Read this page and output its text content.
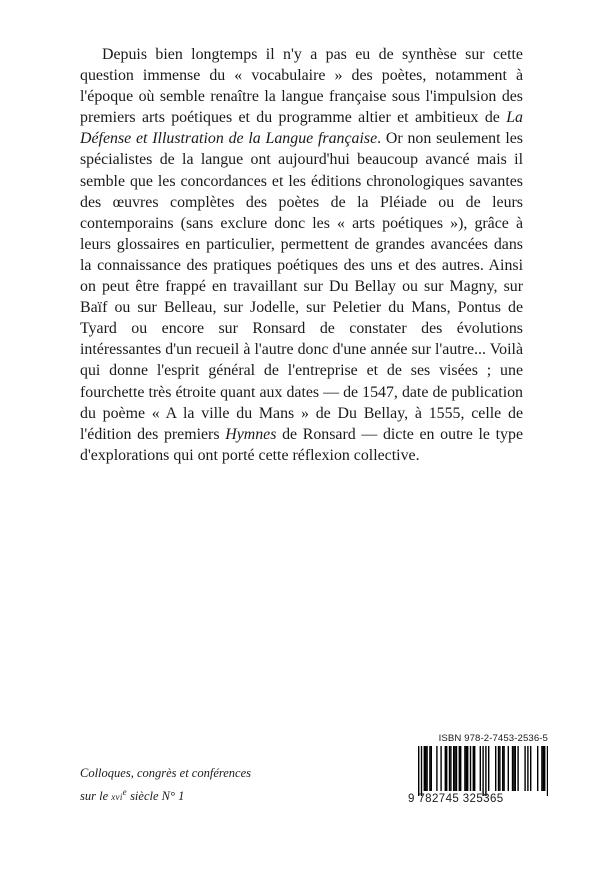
Depuis bien longtemps il n'y a pas eu de synthèse sur cette question immense du « vocabulaire » des poètes, notamment à l'époque où semble renaître la langue française sous l'impulsion des premiers arts poétiques et du programme altier et ambitieux de La Défense et Illustration de la Langue française. Or non seulement les spécialistes de la langue ont aujourd'hui beaucoup avancé mais il semble que les concordances et les éditions chronologiques savantes des œuvres complètes des poètes de la Pléiade ou de leurs contemporains (sans exclure donc les « arts poétiques »), grâce à leurs glossaires en particulier, permettent de grandes avancées dans la connaissance des pratiques poétiques des uns et des autres. Ainsi on peut être frappé en travaillant sur Du Bellay ou sur Magny, sur Baïf ou sur Belleau, sur Jodelle, sur Peletier du Mans, Pontus de Tyard ou encore sur Ronsard de constater des évolutions intéressantes d'un recueil à l'autre donc d'une année sur l'autre... Voilà qui donne l'esprit général de l'entreprise et de ses visées ; une fourchette très étroite quant aux dates — de 1547, date de publication du poème « A la ville du Mans » de Du Bellay, à 1555, celle de l'édition des premiers Hymnes de Ronsard — dicte en outre le type d'explorations qui ont porté cette réflexion collective.

Colloques, congrès et conférences
sur le xvi$^e$ siècle N° 1
ISBN 978-2-7453-2536-5
9 782745 325365
